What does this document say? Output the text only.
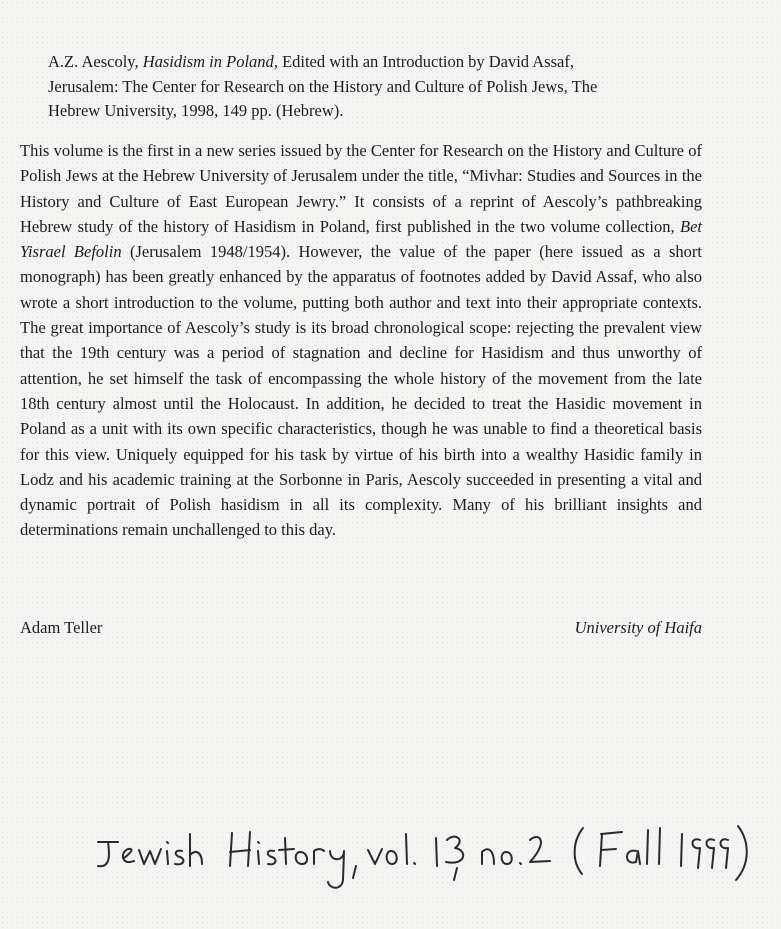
A.Z. Aescoly, Hasidism in Poland, Edited with an Introduction by David Assaf,

Jerusalem: The Center for Research on the History and Culture of Polish Jews, The

Hebrew University, 1998, 149 pp. (Hebrew).

This volume is the first in a new series issued by the Center for Research on the History and Culture of Polish Jews at the Hebrew University of Jerusalem under the title, “Mivhar: Studies and Sources in the History and Culture of East European Jewry.” It consists of a reprint of Aescoly’s pathbreaking Hebrew study of the history of Hasidism in Poland, first published in the two volume collection, Bet Yisrael Befolin (Jerusalem 1948/1954). However, the value of the paper (here issued as a short monograph) has been greatly enhanced by the apparatus of footnotes added by David Assaf, who also wrote a short introduction to the volume, putting both author and text into their appropriate contexts. The great importance of Aescoly’s study is its broad chronological scope: rejecting the prevalent view that the 19th century was a period of stagnation and decline for Hasidism and thus unworthy of attention, he set himself the task of encompassing the whole history of the movement from the late 18th century almost until the Holocaust. In addition, he decided to treat the Hasidic movement in Poland as a unit with its own specific characteristics, though he was unable to find a theoretical basis for this view. Uniquely equipped for his task by virtue of his birth into a wealthy Hasidic family in Lodz and his academic training at the Sorbonne in Paris, Aescoly succeeded in presenting a vital and dynamic portrait of Polish hasidism in all its complexity. Many of his brilliant insights and determinations remain unchallenged to this day.

Adam Teller	University of Haifa
